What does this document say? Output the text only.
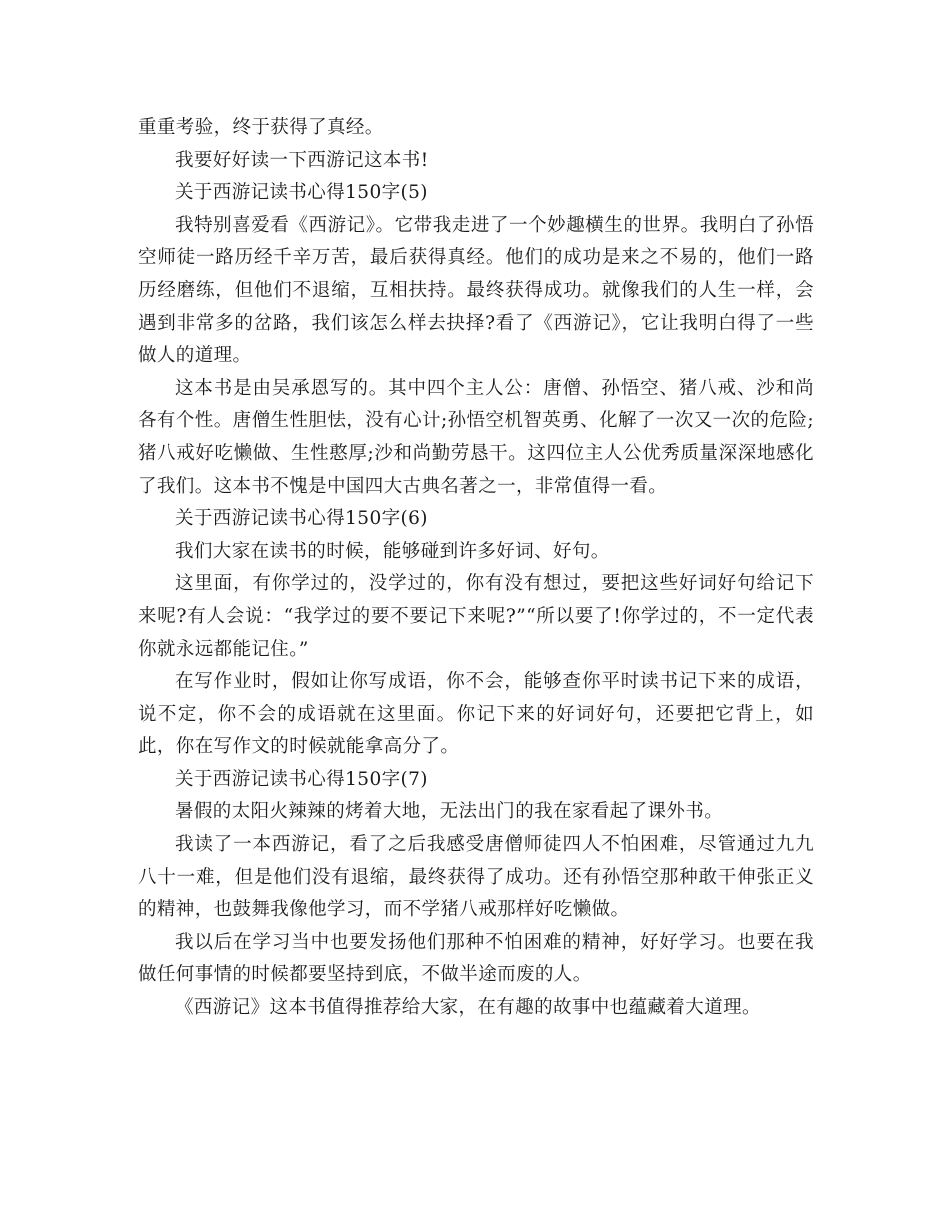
重重考验，终于获得了真经。

我要好好读一下西游记这本书!

关于西游记读书心得150字(5)

我特别喜爱看《西游记》。它带我走进了一个妙趣横生的世界。我明白了孙悟空师徒一路历经千辛万苦，最后获得真经。他们的成功是来之不易的，他们一路历经磨练，但他们不退缩，互相扶持。最终获得成功。就像我们的人生一样，会遇到非常多的岔路，我们该怎么样去抉择?看了《西游记》，它让我明白得了一些做人的道理。

这本书是由吴承恩写的。其中四个主人公：唐僧、孙悟空、猪八戒、沙和尚各有个性。唐僧生性胆怯，没有心计;孙悟空机智英勇、化解了一次又一次的危险;猪八戒好吃懒做、生性憨厚;沙和尚勤劳恳干。这四位主人公优秀质量深深地感化了我们。这本书不愧是中国四大古典名著之一，非常值得一看。

关于西游记读书心得150字(6)

我们大家在读书的时候，能够碰到许多好词、好句。

这里面，有你学过的，没学过的，你有没有想过，要把这些好词好句给记下来呢?有人会说：“我学过的要不要记下来呢?”“所以要了!你学过的，不一定代表你就永远都能记住。”

在写作业时，假如让你写成语，你不会，能够查你平时读书记下来的成语，说不定，你不会的成语就在这里面。你记下来的好词好句，还要把它背上，如此，你在写作文的时候就能拿高分了。

关于西游记读书心得150字(7)

暑假的太阳火辣辣的烤着大地，无法出门的我在家看起了课外书。

我读了一本西游记，看了之后我感受唐僧师徒四人不怕困难，尽管通过九九八十一难，但是他们没有退缩，最终获得了成功。还有孙悟空那种敢干伸张正义的精神，也鼓舞我像他学习，而不学猪八戒那样好吃懒做。

我以后在学习当中也要发扬他们那种不怕困难的精神，好好学习。也要在我做任何事情的时候都要坚持到底，不做半途而废的人。

《西游记》这本书值得推荐给大家，在有趣的故事中也蕴藏着大道理。
